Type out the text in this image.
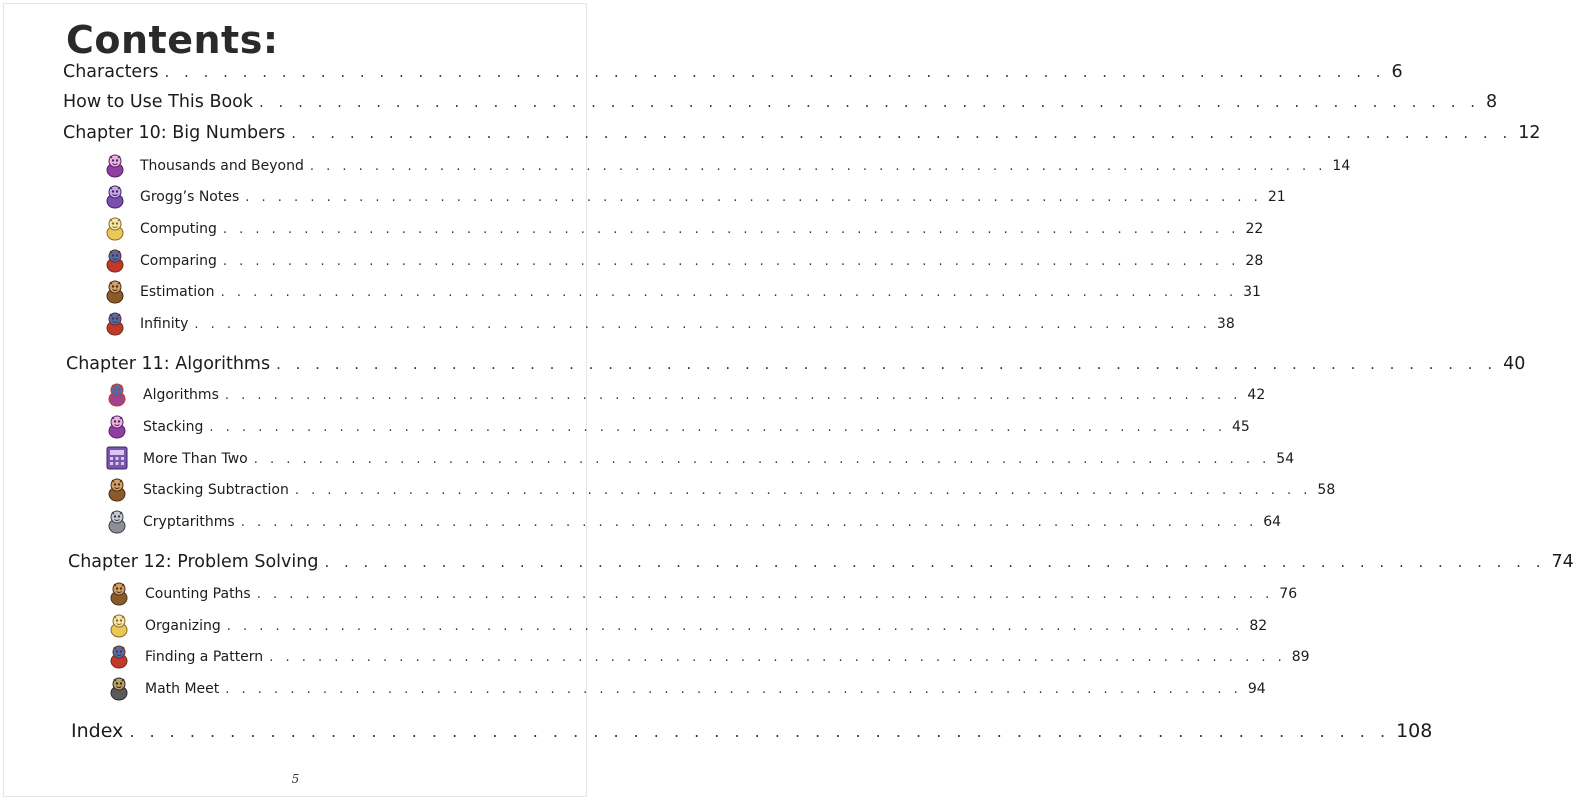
Contents:
Characters . . . . . . . . . . . . . . . . . . . . . . . . . . . . . . . . . . . . . . . . . . . . . . . . . . . . . . . . . . . . . . . 6
How to Use This Book . . . . . . . . . . . . . . . . . . . . . . . . . . . . . . . . . . . . . . . . . . . . . . . . . . . . . . . . . . . . . . . 8
Chapter 10: Big Numbers . . . . . . . . . . . . . . . . . . . . . . . . . . . . . . . . . . . . . . . . . . . . . . . . . . . . . . . . . . . . . . . 12
Thousands and Beyond . . . . . . . . . . . . . . . . . . . . . . . . . . . . . . . . . . . . . . . . . . . . . . . . . . . . . . . . . . . . . . . 14
Grogg’s Notes . . . . . . . . . . . . . . . . . . . . . . . . . . . . . . . . . . . . . . . . . . . . . . . . . . . . . . . . . . . . . . . 21
Computing . . . . . . . . . . . . . . . . . . . . . . . . . . . . . . . . . . . . . . . . . . . . . . . . . . . . . . . . . . . . . . . 22
Comparing . . . . . . . . . . . . . . . . . . . . . . . . . . . . . . . . . . . . . . . . . . . . . . . . . . . . . . . . . . . . . . . 28
Estimation . . . . . . . . . . . . . . . . . . . . . . . . . . . . . . . . . . . . . . . . . . . . . . . . . . . . . . . . . . . . . . . 31
Infinity . . . . . . . . . . . . . . . . . . . . . . . . . . . . . . . . . . . . . . . . . . . . . . . . . . . . . . . . . . . . . . . 38
Chapter 11: Algorithms . . . . . . . . . . . . . . . . . . . . . . . . . . . . . . . . . . . . . . . . . . . . . . . . . . . . . . . . . . . . . . . 40
Algorithms . . . . . . . . . . . . . . . . . . . . . . . . . . . . . . . . . . . . . . . . . . . . . . . . . . . . . . . . . . . . . . . 42
Stacking . . . . . . . . . . . . . . . . . . . . . . . . . . . . . . . . . . . . . . . . . . . . . . . . . . . . . . . . . . . . . . . 45
More Than Two . . . . . . . . . . . . . . . . . . . . . . . . . . . . . . . . . . . . . . . . . . . . . . . . . . . . . . . . . . . . . . . 54
Stacking Subtraction . . . . . . . . . . . . . . . . . . . . . . . . . . . . . . . . . . . . . . . . . . . . . . . . . . . . . . . . . . . . . . . 58
Cryptarithms . . . . . . . . . . . . . . . . . . . . . . . . . . . . . . . . . . . . . . . . . . . . . . . . . . . . . . . . . . . . . . . 64
Chapter 12: Problem Solving . . . . . . . . . . . . . . . . . . . . . . . . . . . . . . . . . . . . . . . . . . . . . . . . . . . . . . . . . . . . . . . 74
Counting Paths . . . . . . . . . . . . . . . . . . . . . . . . . . . . . . . . . . . . . . . . . . . . . . . . . . . . . . . . . . . . . . . 76
Organizing . . . . . . . . . . . . . . . . . . . . . . . . . . . . . . . . . . . . . . . . . . . . . . . . . . . . . . . . . . . . . . . 82
Finding a Pattern . . . . . . . . . . . . . . . . . . . . . . . . . . . . . . . . . . . . . . . . . . . . . . . . . . . . . . . . . . . . . . . 89
Math Meet . . . . . . . . . . . . . . . . . . . . . . . . . . . . . . . . . . . . . . . . . . . . . . . . . . . . . . . . . . . . . . . 94
Index . . . . . . . . . . . . . . . . . . . . . . . . . . . . . . . . . . . . . . . . . . . . . . . . . . . . . . . . . . . . . . . 108
5
